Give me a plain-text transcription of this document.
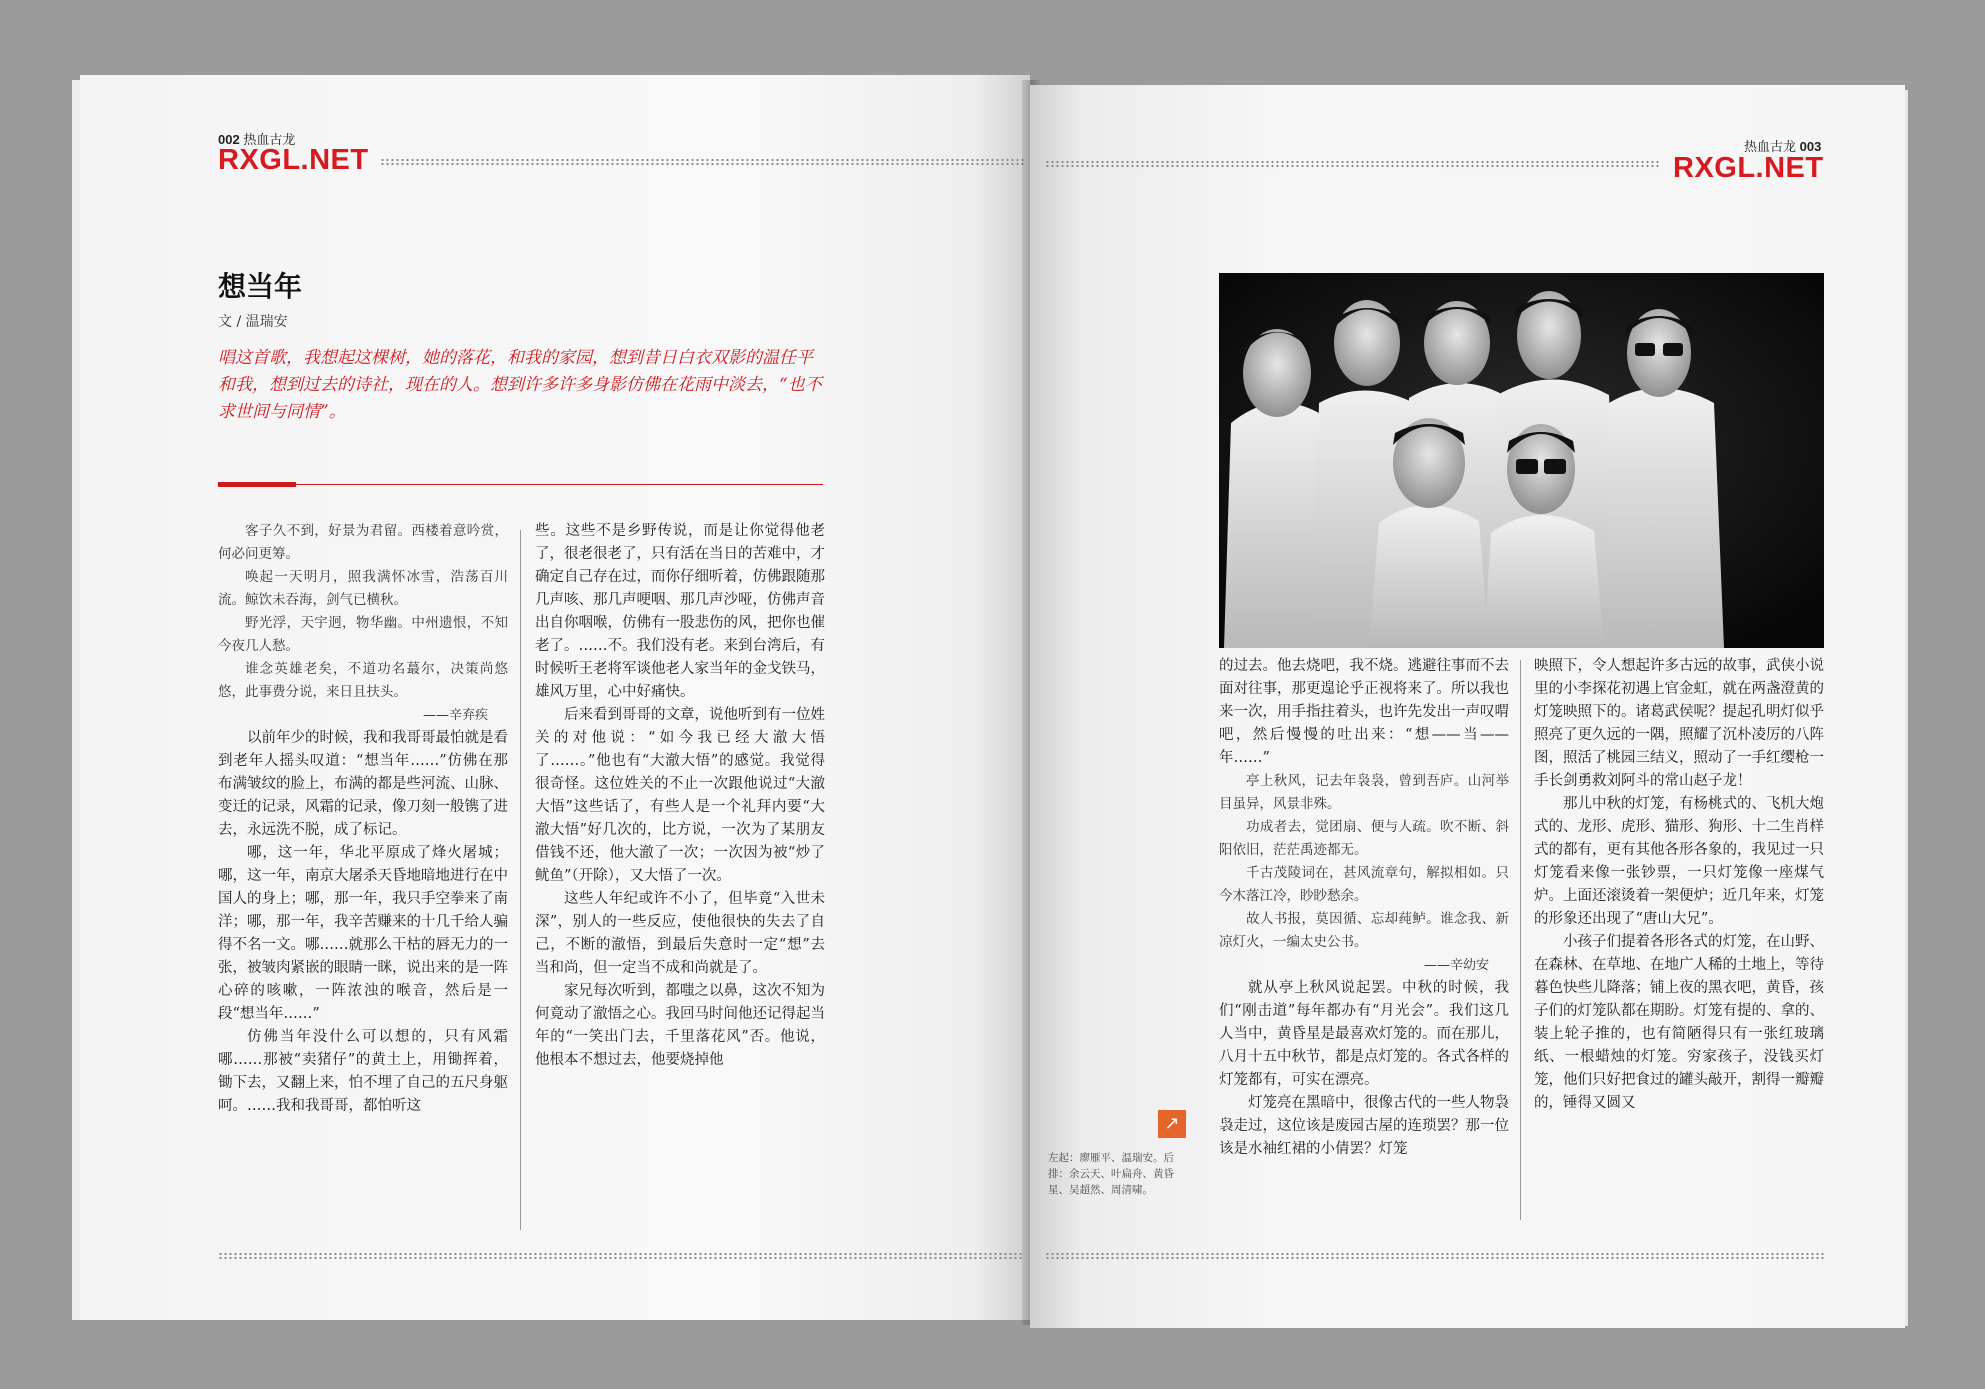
002 热血古龙
RXGL.NET
想当年
文 / 温瑞安
唱这首歌，我想起这棵树，她的落花，和我的家园，想到昔日白衣双影的温任平和我，想到过去的诗社，现在的人。想到许多许多身影仿佛在花雨中淡去，“也不求世间与同情”。

客子久不到，好景为君留。西楼着意吟赏，何必问更筹。

唤起一天明月，照我满怀冰雪，浩荡百川流。鲸饮未吞海，剑气已横秋。

野光浮，天宇迥，物华幽。中州遗恨，不知今夜几人愁。

谁念英雄老矣，不道功名蕞尔，决策尚悠悠，此事费分说，来日且扶头。

——辛弃疾

以前年少的时候，我和我哥哥最怕就是看到老年人摇头叹道：“想当年……”仿佛在那布满皱纹的脸上，布满的都是些河流、山脉、变迁的记录，风霜的记录，像刀刻一般镌了进去，永远洗不脱，成了标记。

哪，这一年，华北平原成了烽火屠城；哪，这一年，南京大屠杀天昏地暗地进行在中国人的身上；哪，那一年，我只手空拳来了南洋；哪，那一年，我辛苦赚来的十几千给人骗得不名一文。哪……就那么干枯的唇无力的一张，被皱肉紧嵌的眼睛一眯，说出来的是一阵心碎的咳嗽，一阵浓浊的喉音，然后是一段“想当年……”

仿佛当年没什么可以想的，只有风霜哪……那被“卖猪仔”的黄土上，用锄挥着，锄下去，又翻上来，怕不埋了自己的五尺身躯呵。……我和我哥哥，都怕听这

些。这些不是乡野传说，而是让你觉得他老了，很老很老了，只有活在当日的苦难中，才确定自己存在过，而你仔细听着，仿佛跟随那几声咳、那几声哽咽、那几声沙哑，仿佛声音出自你咽喉，仿佛有一股悲伤的风，把你也催老了。……不。我们没有老。来到台湾后，有时候听王老将军谈他老人家当年的金戈铁马，雄风万里，心中好痛快。

后来看到哥哥的文章，说他听到有一位姓关的对他说：“如今我已经大澈大悟了……。”他也有“大澈大悟”的感觉。我觉得很奇怪。这位姓关的不止一次跟他说过“大澈大悟”这些话了，有些人是一个礼拜内要“大澈大悟”好几次的，比方说，一次为了某朋友借钱不还，他大澈了一次；一次因为被“炒了鱿鱼”（开除），又大悟了一次。

这些人年纪或许不小了，但毕竟“入世未深”，别人的一些反应，使他很快的失去了自己，不断的澈悟，到最后失意时一定“想”去当和尚，但一定当不成和尚就是了。

家兄每次听到，都嗤之以鼻，这次不知为何竟动了澈悟之心。我回马时间他还记得起当年的“一笑出门去，千里落花风”否。他说，他根本不想过去，他要烧掉他

热血古龙 003
RXGL.NET

的过去。他去烧吧，我不烧。逃避往事而不去面对往事，那更遑论乎正视将来了。所以我也来一次，用手指拄着头，也许先发出一声叹喟吧，然后慢慢的吐出来：“想——当——年……”

亭上秋风，记去年袅袅，曾到吾庐。山河举目虽异，风景非殊。

功成者去，觉团扇、便与人疏。吹不断、斜阳依旧，茫茫禹迹都无。

千古茂陵词在，甚风流章句，解拟相如。只今木落江冷，眇眇愁余。

故人书报，莫因循、忘却莼鲈。谁念我、新凉灯火，一编太史公书。

——辛幼安

就从亭上秋风说起罢。中秋的时候，我们“刚击道”每年都办有“月光会”。我们这几人当中，黄昏星是最喜欢灯笼的。而在那儿，八月十五中秋节，都是点灯笼的。各式各样的灯笼都有，可实在漂亮。

灯笼亮在黑暗中，很像古代的一些人物袅袅走过，这位该是废园古屋的连琐罢？那一位该是水袖红裙的小倩罢？灯笼

映照下，令人想起许多古远的故事，武侠小说里的小李探花初遇上官金虹，就在两盏澄黄的灯笼映照下的。诸葛武侯呢？提起孔明灯似乎照亮了更久远的一隅，照耀了沉朴凌厉的八阵图，照活了桃园三结义，照动了一手红缨枪一手长剑勇救刘阿斗的常山赵子龙！

那儿中秋的灯笼，有杨桃式的、飞机大炮式的、龙形、虎形、猫形、狗形、十二生肖样式的都有，更有其他各形各象的，我见过一只灯笼看来像一张钞票，一只灯笼像一座煤气炉。上面还滚烫着一架便炉；近几年来，灯笼的形象还出现了“唐山大兄”。

小孩子们提着各形各式的灯笼，在山野、在森林、在草地、在地广人稀的土地上，等待暮色快些儿降落；铺上夜的黑衣吧，黄昏，孩子们的灯笼队都在期盼。灯笼有提的、拿的、装上轮子推的，也有简陋得只有一张红玻璃纸、一根蜡烛的灯笼。穷家孩子，没钱买灯笼，他们只好把食过的罐头敲开，割得一瓣瓣的，锤得又圆又

↗
左起：廖雁平、温瑞安。后排：余云天、叶扁舟、黄昏星、吴超然、周清啸。
